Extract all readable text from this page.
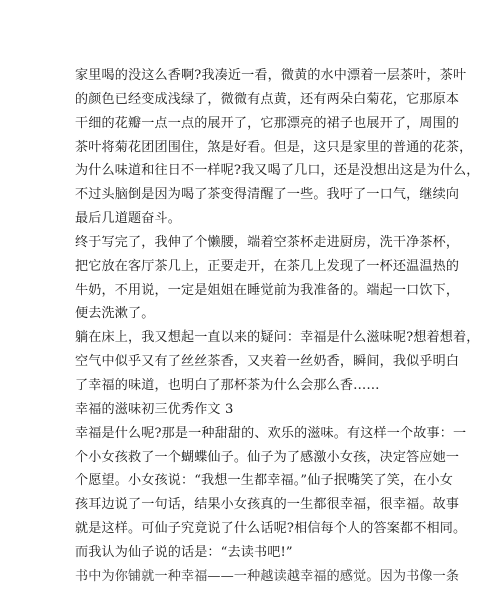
家里喝的没这么香啊?我凑近一看，微黄的水中漂着一层茶叶，茶叶
的颜色已经变成浅绿了，微微有点黄，还有两朵白菊花，它那原本
干细的花瓣一点一点的展开了，它那漂亮的裙子也展开了，周围的
茶叶将菊花团团围住，煞是好看。但是，这只是家里的普通的花茶，
为什么味道和往日不一样呢?我又喝了几口，还是没想出这是为什么，
不过头脑倒是因为喝了茶变得清醒了一些。我吁了一口气，继续向
最后几道题奋斗。
终于写完了，我伸了个懒腰，端着空茶杯走进厨房，洗干净茶杯，
把它放在客厅茶几上，正要走开，在茶几上发现了一杯还温温热的
牛奶，不用说，一定是姐姐在睡觉前为我准备的。端起一口饮下，
便去洗漱了。
躺在床上，我又想起一直以来的疑问：幸福是什么滋味呢?想着想着，
空气中似乎又有了丝丝茶香，又夹着一丝奶香，瞬间，我似乎明白
了幸福的味道，也明白了那杯茶为什么会那么香……
幸福的滋味初三优秀作文 3
幸福是什么呢?那是一种甜甜的、欢乐的滋味。有这样一个故事：一
个小女孩救了一个蝴蝶仙子。仙子为了感激小女孩，决定答应她一
个愿望。小女孩说：“我想一生都幸福。”仙子抿嘴笑了笑，在小女
孩耳边说了一句话，结果小女孩真的一生都很幸福，很幸福。故事
就是这样。可仙子究竟说了什么话呢?相信每个人的答案都不相同。
而我认为仙子说的话是：“去读书吧!”
书中为你铺就一种幸福——一种越读越幸福的感觉。因为书像一条
